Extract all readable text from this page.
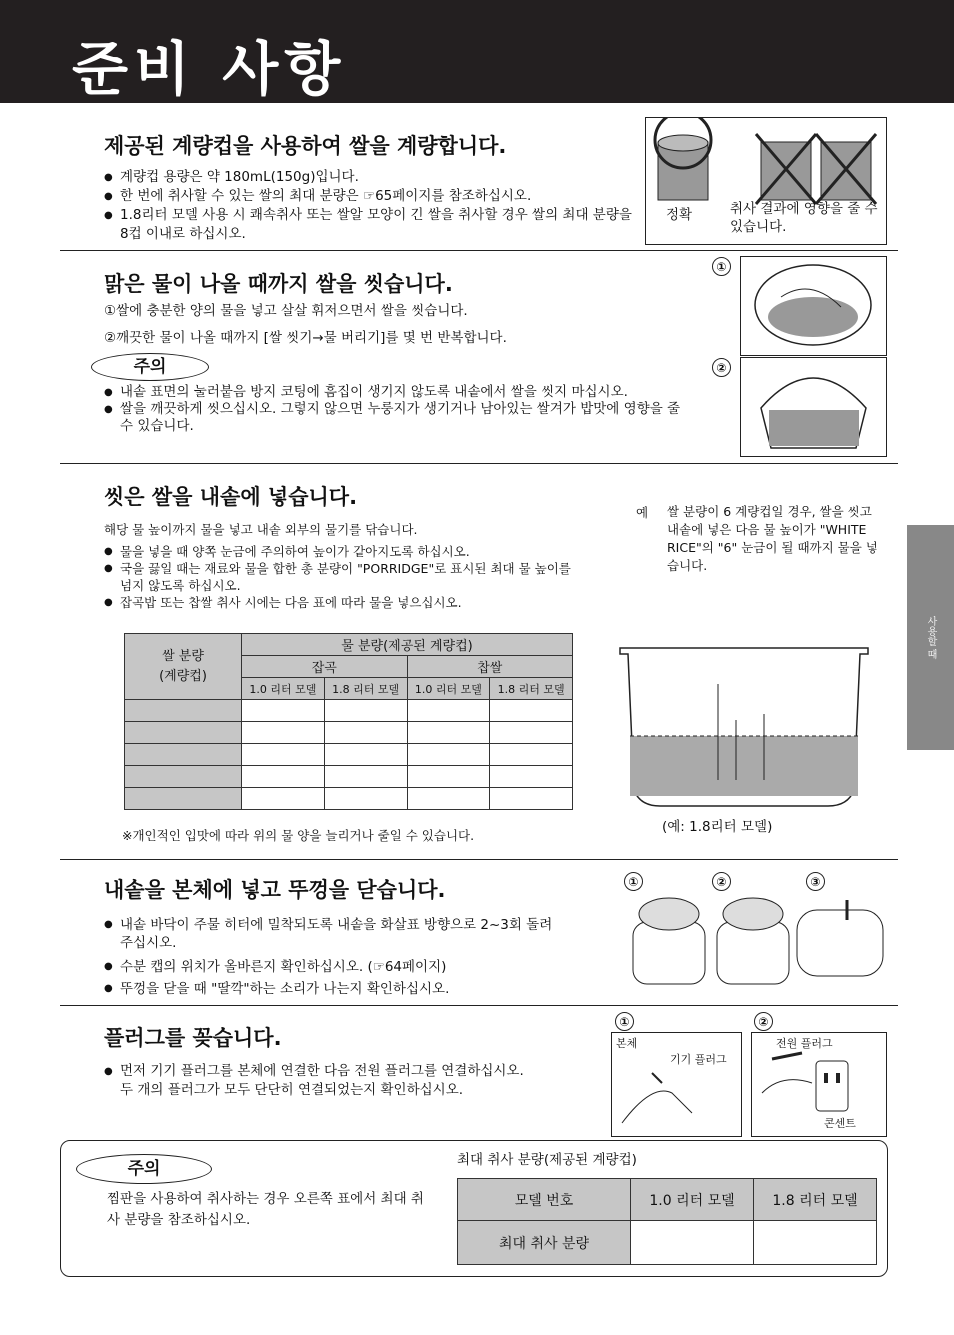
준비 사항
사용할 때

제공된 계량컵을 사용하여 쌀을 계량합니다.

● 계량컵 용량은 약 180mL(150g)입니다.
● 한 번에 취사할 수 있는 쌀의 최대 분량은 ☞65페이지를 참조하십시오.
● 1.8리터 모델 사용 시 쾌속취사 또는 쌀알 모양이 긴 쌀을 취사할 경우 쌀의 최대 분량을 8컵 이내로 하십시오.
정확	취사 결과에 영향을 줄 수 있습니다.

맑은 물이 나올 때까지 쌀을 씻습니다.

①쌀에 충분한 양의 물을 넣고 살살 휘저으면서 쌀을 씻습니다.
②깨끗한 물이 나올 때까지 [쌀 씻기→물 버리기]를 몇 번 반복합니다.
주의
● 내솥 표면의 눌러붙음 방지 코팅에 흠집이 생기지 않도록 내솥에서 쌀을 씻지 마십시오.
● 쌀을 깨끗하게 씻으십시오. 그렇지 않으면 누룽지가 생기거나 남아있는 쌀겨가 밥맛에 영향을 줄 수 있습니다.
①
②

씻은 쌀을 내솥에 넣습니다.

해당 물 높이까지 물을 넣고 내솥 외부의 물기를 닦습니다.
● 물을 넣을 때 양쪽 눈금에 주의하여 높이가 같아지도록 하십시오.
● 국을 끓일 때는 재료와 물을 합한 총 분량이 "PORRIDGE"로 표시된 최대 물 높이를 넘지 않도록 하십시오.
● 잡곡밥 또는 찹쌀 취사 시에는 다음 표에 따라 물을 넣으십시오.
예 쌀 분량이 6 계량컵일 경우, 쌀을 씻고 내솥에 넣은 다음 물 높이가 "WHITE RICE"의 "6" 눈금이 될 때까지 물을 넣습니다.
쌀 분량
(계량컵)	물 분량(제공된 계량컵)			
	잡곡		찹쌀	
	1.0 리터 모델	1.8 리터 모델	1.0 리터 모델	1.8 리터 모델

※개인적인 입맛에 따라 위의 물 양을 늘리거나 줄일 수 있습니다.
(예: 1.8리터 모델)

내솥을 본체에 넣고 뚜껑을 닫습니다.

● 내솥 바닥이 주물 히터에 밀착되도록 내솥을 화살표 방향으로 2~3회 돌려 주십시오.
● 수분 캡의 위치가 올바른지 확인하십시오. (☞64페이지)
● 뚜껑을 닫을 때 "딸깍"하는 소리가 나는지 확인하십시오.
①	②	③

플러그를 꽂습니다.

● 먼저 기기 플러그를 본체에 연결한 다음 전원 플러그를 연결하십시오. 두 개의 플러그가 모두 단단히 연결되었는지 확인하십시오.
①	②
본체
기기 플러그
전원 플러그
콘센트
주의
찜판을 사용하여 취사하는 경우 오른쪽 표에서 최대 취사 분량을 참조하십시오.
최대 취사 분량(제공된 계량컵)
모델 번호	1.0 리터 모델	1.8 리터 모델
최대 취사 분량		
